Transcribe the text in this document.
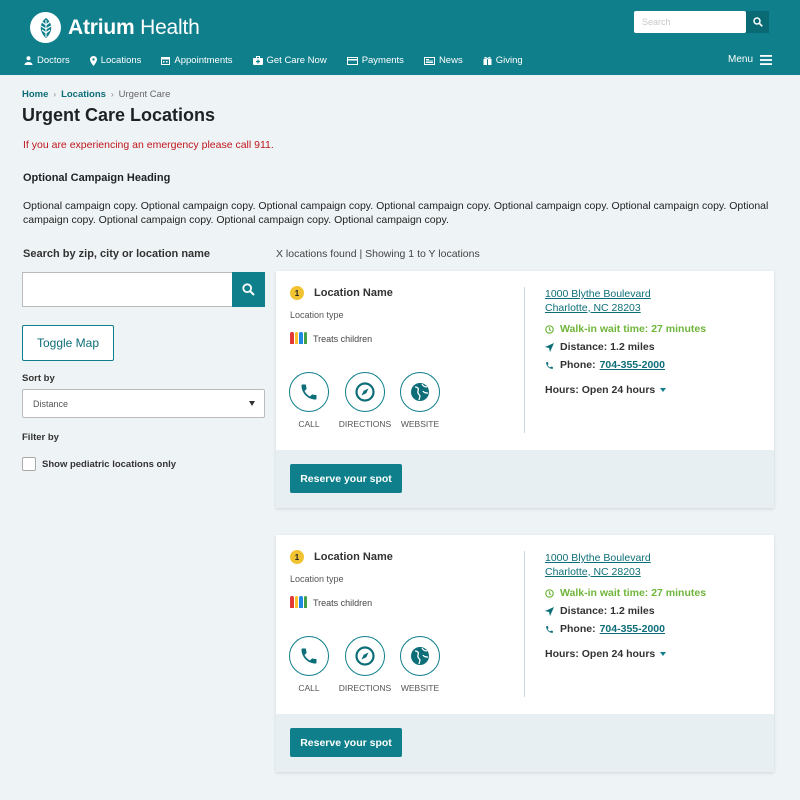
Atrium Health
Search
Doctors	Locations	Appointments	Get Care Now	Payments	News	Giving	Menu
Home › Locations › Urgent Care
Urgent Care Locations
If you are experiencing an emergency please call 911.
Optional Campaign Heading
Optional campaign copy. Optional campaign copy. Optional campaign copy. Optional campaign copy. Optional campaign copy. Optional campaign copy. Optional campaign copy. Optional campaign copy. Optional campaign copy. Optional campaign copy.
Search by zip, city or location name
Toggle Map
Sort by
Distance
Filter by
Show pediatric locations only
X locations found | Showing 1 to Y locations
1	Location Name
Location type
Treats children
CALL	DIRECTIONS	WEBSITE
1000 Blythe Boulevard
Charlotte, NC 28203
Walk-in wait time: 27 minutes
Distance: 1.2 miles
Phone: 704-355-2000
Hours: Open 24 hours
Reserve your spot
1	Location Name
Location type
Treats children
CALL	DIRECTIONS	WEBSITE
1000 Blythe Boulevard
Charlotte, NC 28203
Walk-in wait time: 27 minutes
Distance: 1.2 miles
Phone: 704-355-2000
Hours: Open 24 hours
Reserve your spot
